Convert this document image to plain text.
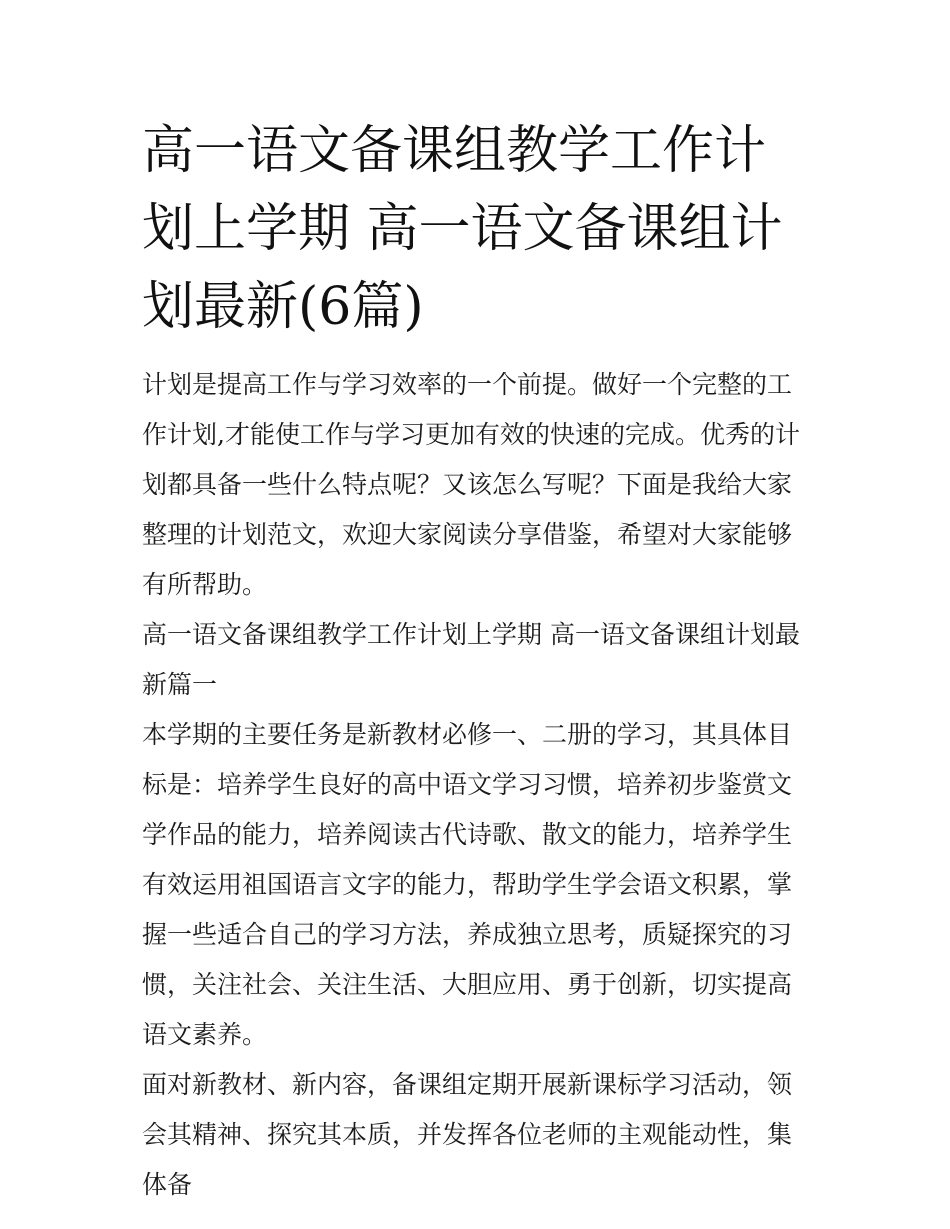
高一语文备课组教学工作计划上学期 高一语文备课组计划最新(6篇)

计划是提高工作与学习效率的一个前提。做好一个完整的工作计划,才能使工作与学习更加有效的快速的完成。优秀的计划都具备一些什么特点呢？又该怎么写呢？下面是我给大家整理的计划范文，欢迎大家阅读分享借鉴，希望对大家能够有所帮助。

高一语文备课组教学工作计划上学期 高一语文备课组计划最新篇一

本学期的主要任务是新教材必修一、二册的学习，其具体目标是：培养学生良好的高中语文学习习惯，培养初步鉴赏文学作品的能力，培养阅读古代诗歌、散文的能力，培养学生有效运用祖国语言文字的能力，帮助学生学会语文积累，掌握一些适合自己的学习方法，养成独立思考，质疑探究的习惯，关注社会、关注生活、大胆应用、勇于创新，切实提高语文素养。

面对新教材、新内容，备课组定期开展新课标学习活动，领会其精神、探究其本质，并发挥各位老师的主观能动性，集体备
